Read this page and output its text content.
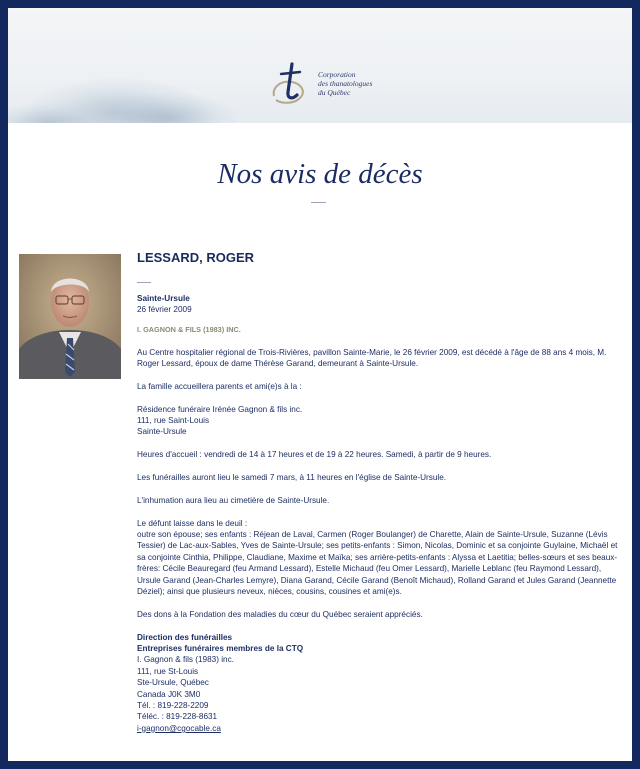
Corporation
des thanatologues
du Québec
Nos avis de décès
LESSARD, ROGER
Sainte-Ursule
26 février 2009
I. GAGNON & FILS (1983) INC.

Au Centre hospitalier régional de Trois-Rivières, pavillon Sainte-Marie, le 26 février 2009, est décédé à l'âge de 88 ans 4 mois, M. Roger Lessard, époux de dame Thérèse Garand, demeurant à Sainte-Ursule.

La famille accueillera parents et ami(e)s à la :

Résidence funéraire Irénée Gagnon & fils inc.
111, rue Saint-Louis
Sainte-Ursule

Heures d'accueil : vendredi de 14 à 17 heures et de 19 à 22 heures. Samedi, à partir de 9 heures.

Les funérailles auront lieu le samedi 7 mars, à 11 heures en l'église de Sainte-Ursule.

L'inhumation aura lieu au cimetière de Sainte-Ursule.

Le défunt laisse dans le deuil :

outre son épouse; ses enfants : Réjean de Laval, Carmen (Roger Boulanger) de Charette, Alain de Sainte-Ursule, Suzanne (Lévis Tessier) de Lac-aux-Sables, Yves de Sainte-Ursule; ses petits-enfants : Simon, Nicolas, Dominic et sa conjointe Guylaine, Michaël et sa conjointe Cinthia, Philippe, Claudiane, Maxime et Maïka; ses arrière-petits-enfants : Alyssa et Laetitia; belles-sœurs et ses beaux-frères: Cécile Beauregard (feu Armand Lessard), Estelle Michaud (feu Omer Lessard), Marielle Leblanc (feu Raymond Lessard), Ursule Garand (Jean-Charles Lemyre), Diana Garand, Cécile Garand (Benoît Michaud), Rolland Garand et Jules Garand (Jeannette Déziel); ainsi que plusieurs neveux, nièces, cousins, cousines et ami(e)s.

Des dons à la Fondation des maladies du cœur du Québec seraient appréciés.

Direction des funérailles
Entreprises funéraires membres de la CTQ
I. Gagnon & fils (1983) inc.
111, rue St-Louis
Ste-Ursule, Québec
Canada J0K 3M0
Tél. : 819-228-2209
Téléc. : 819-228-8631
i-gagnon@cgocable.ca
